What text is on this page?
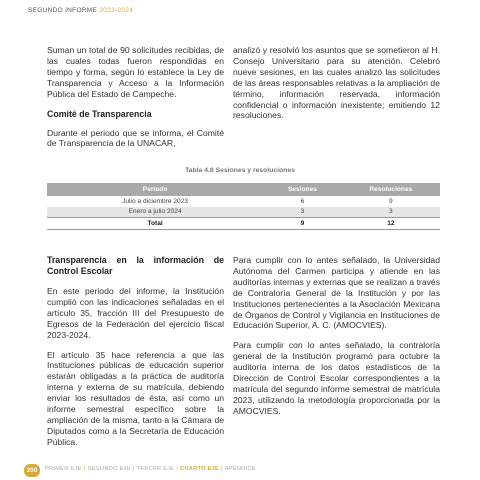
SEGUNDO INFORME 2023-2024

Suman un total de 90 solicitudes recibidas, de las cuales todas fueron respondidas en tiempo y forma, según lo establece la Ley de Transparencia y Acceso a la Información Pública del Estado de Campeche.

Comité de Transparencia

Durante el periodo que se informa, el Comité de Transparencia de la UNACAR,

analizó y resolvió los asuntos que se sometieron al H. Consejo Universitario para su atención. Celebró nueve sesiones, en las cuales analizó las solicitudes de las áreas responsables relativas a la ampliación de término, información reservada, información confidencial o información inexistente; emitiendo 12 resoluciones.

Tabla 4.8 Sesiones y resoluciones
Periodo	Sesiones	Resoluciones
Julio a diciembre 2023	6	9
Enero a julio 2024	3	3
Total	9	12
Transparencia en la información de Control Escolar

En este periodo del informe, la Institución cumplió con las indicaciones señaladas en el artículo 35, fracción III del Presupuesto de Egresos de la Federación del ejercicio fiscal 2023-2024.

El artículo 35 hace referencia a que las Instituciones públicas de educación superior estarán obligadas a la práctica de auditoría interna y externa de su matrícula, debiendo enviar los resultados de ésta, así como un informe semestral específico sobre la ampliación de la misma, tanto a la Cámara de Diputados como a la Secretaría de Educación Pública.

Para cumplir con lo antes señalado, la Universidad Autónoma del Carmen participa y atiende en las auditorías internas y externas que se realizan a través de Contraloría General de la Institución y por las Instituciones pertenecientes a la Asociación Mexicana de Órganos de Control y Vigilancia en Instituciones de Educación Superior, A. C. (AMOCVIES).

Para cumplir con lo antes señalado, la contraloría general de la Institución programó para octubre la auditoría interna de los datos estadísticos de la Dirección de Control Escolar correspondientes a la matrícula del segundo informe semestral de matrícula 2023, utilizando la metodología proporcionada por la AMOCVIES.

200	PRIMER EJE | SEGUNDO EJE | TERCER EJE | CUARTO EJE | APÉNDICE
